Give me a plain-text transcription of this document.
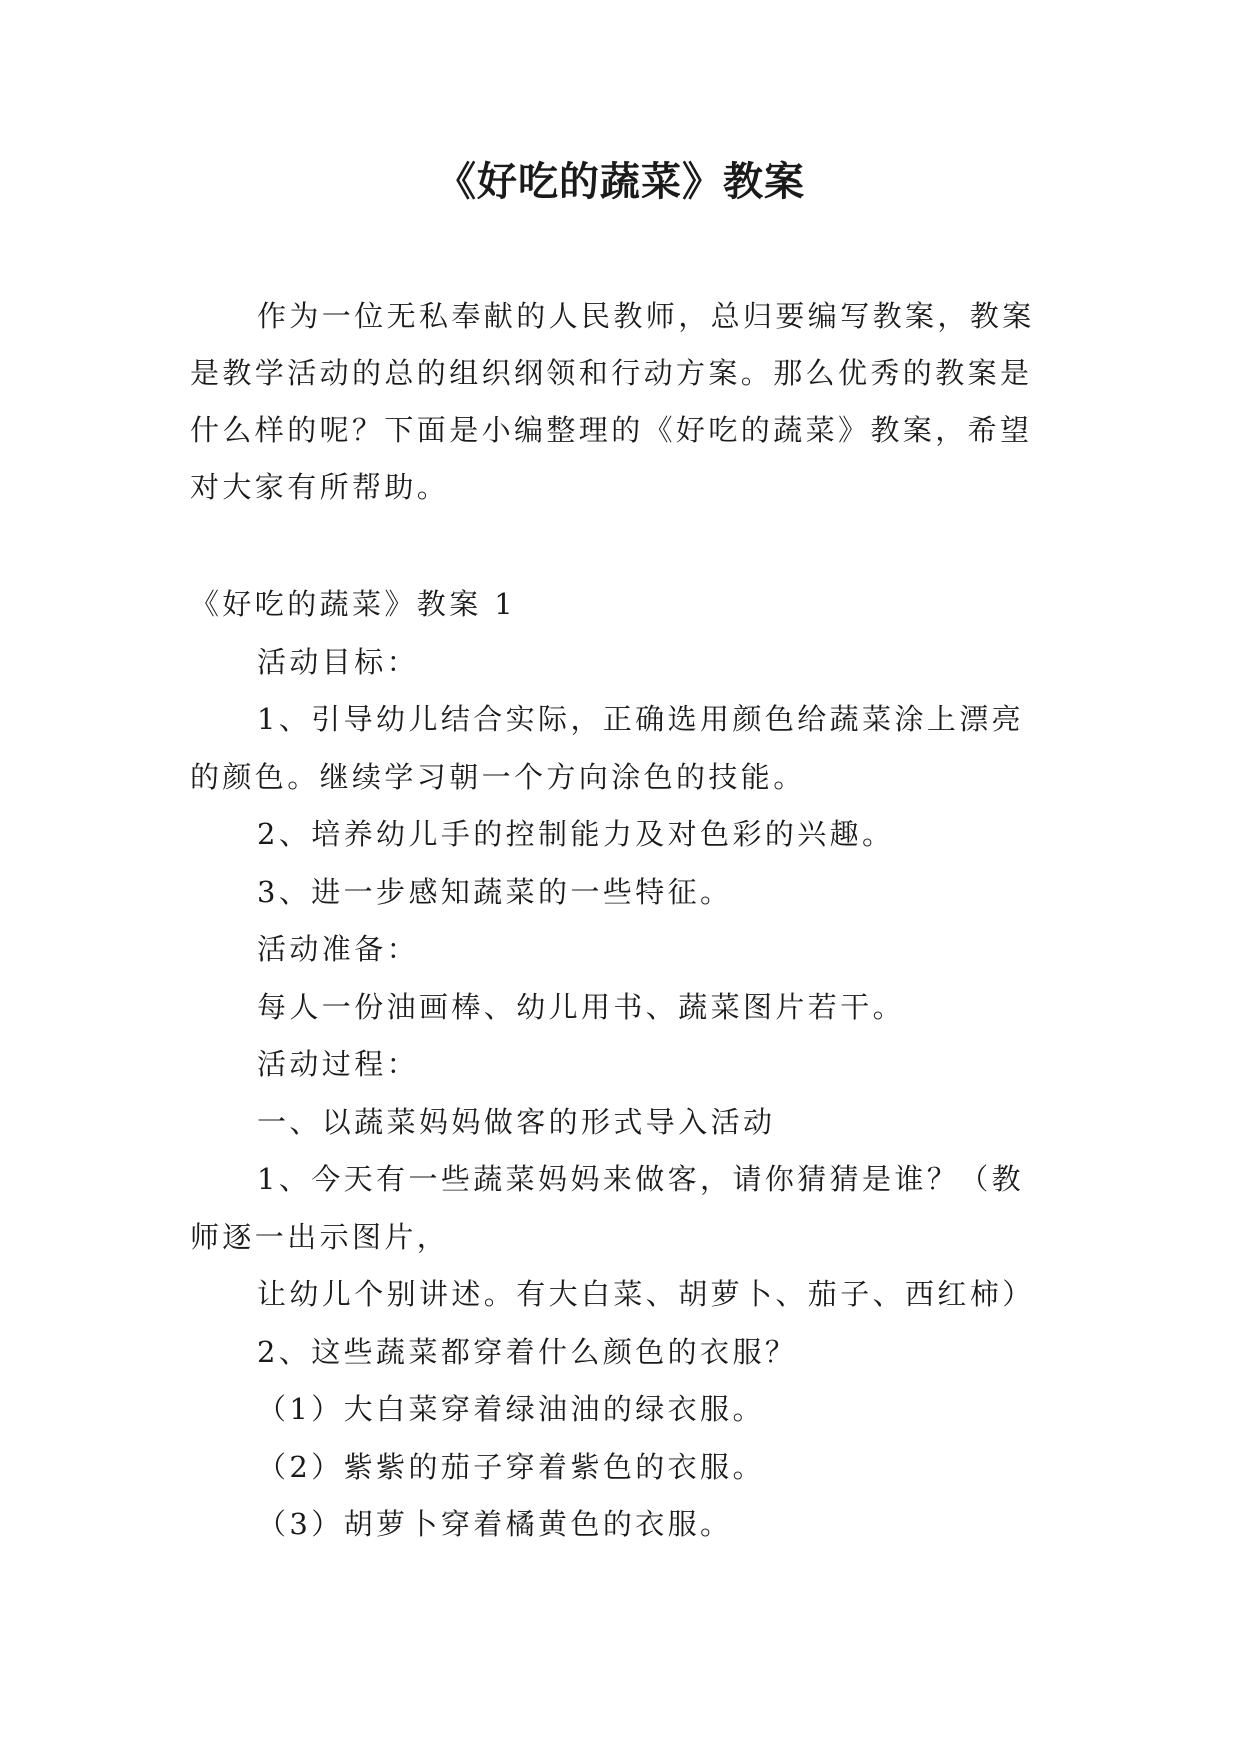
《好吃的蔬菜》教案
作为一位无私奉献的人民教师，总归要编写教案，教案是教学活动的总的组织纲领和行动方案。那么优秀的教案是什么样的呢？下面是小编整理的《好吃的蔬菜》教案，希望对大家有所帮助。
《好吃的蔬菜》教案 1
活动目标：
1、引导幼儿结合实际，正确选用颜色给蔬菜涂上漂亮
的颜色。继续学习朝一个方向涂色的技能。
2、培养幼儿手的控制能力及对色彩的兴趣。
3、进一步感知蔬菜的一些特征。
活动准备：
每人一份油画棒、幼儿用书、蔬菜图片若干。
活动过程：
一、以蔬菜妈妈做客的形式导入活动
1、今天有一些蔬菜妈妈来做客，请你猜猜是谁？（教
师逐一出示图片，
让幼儿个别讲述。有大白菜、胡萝卜、茄子、西红柿）
2、这些蔬菜都穿着什么颜色的衣服？
（1）大白菜穿着绿油油的绿衣服。
（2）紫紫的茄子穿着紫色的衣服。
（3）胡萝卜穿着橘黄色的衣服。
